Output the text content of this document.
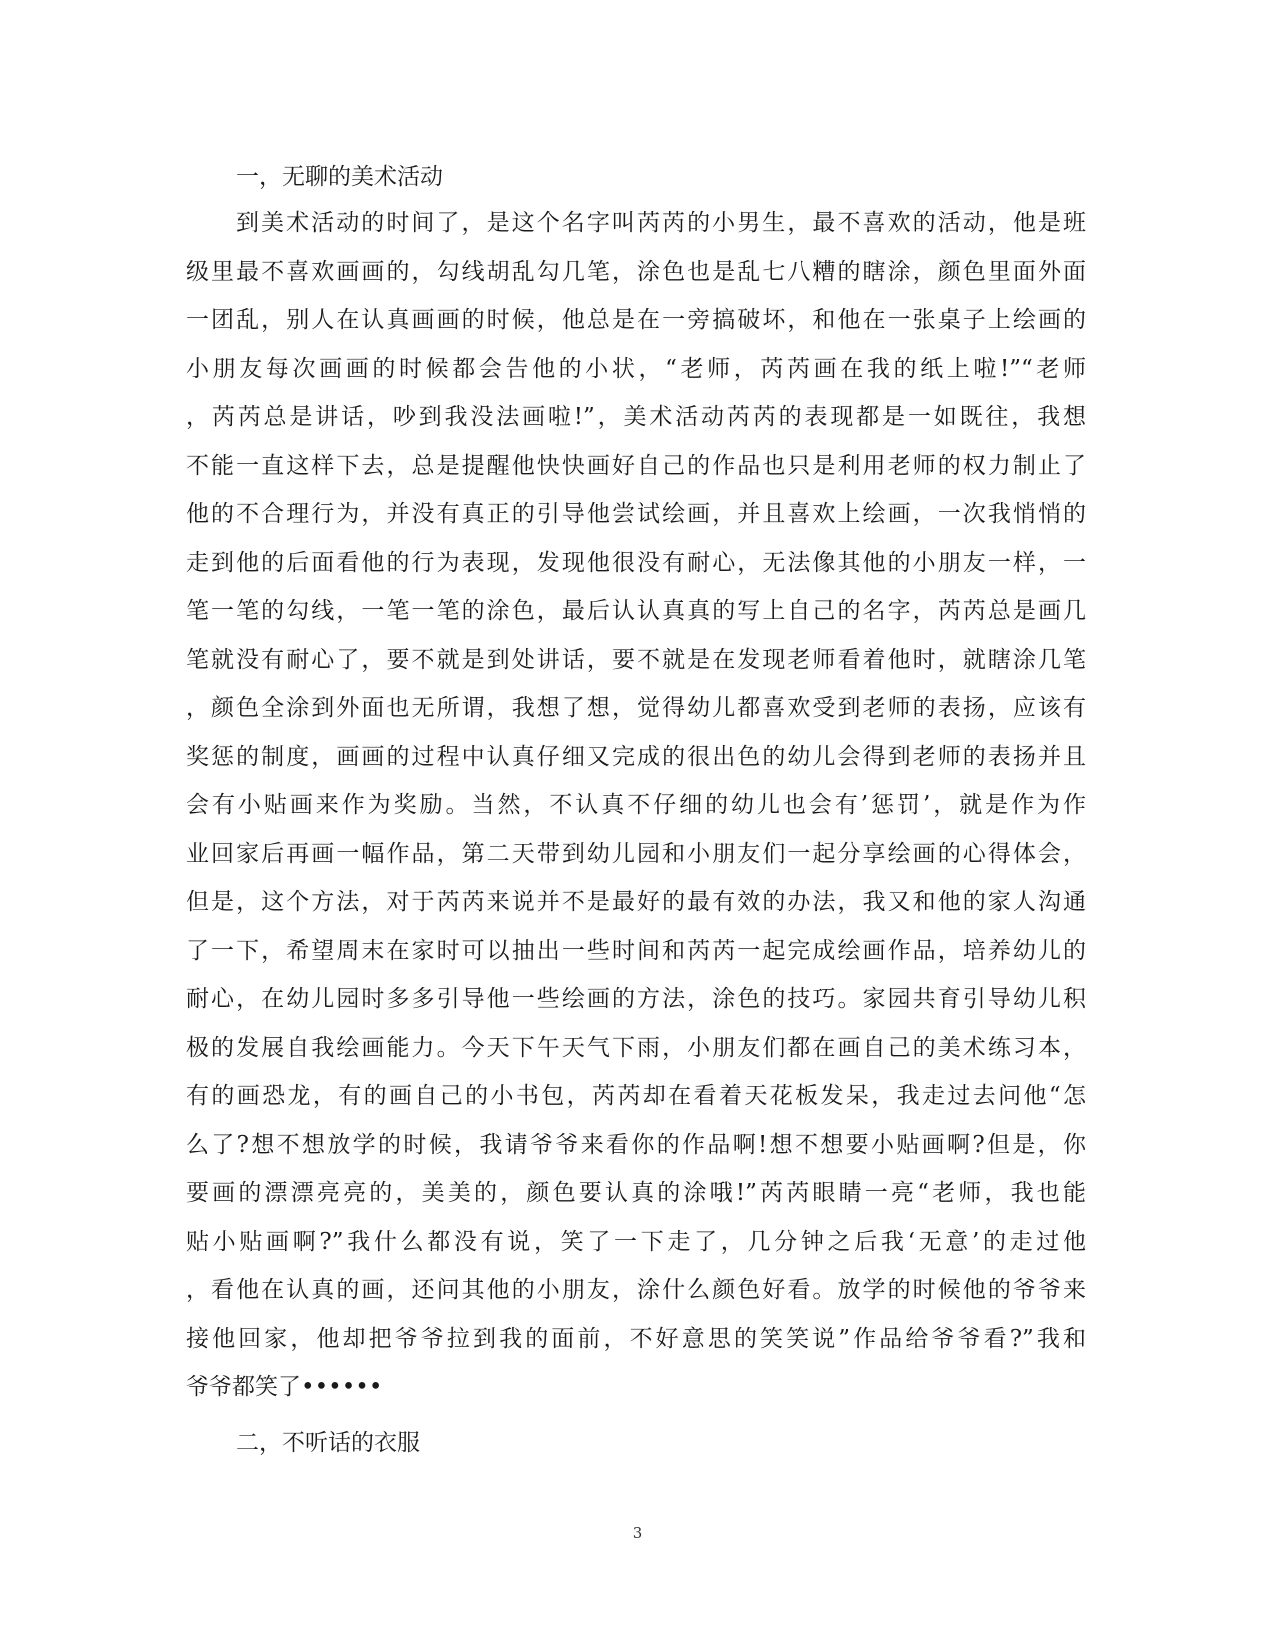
一，无聊的美术活动
到美术活动的时间了，是这个名字叫芮芮的小男生，最不喜欢的活动，他是班
级里最不喜欢画画的，勾线胡乱勾几笔，涂色也是乱七八糟的瞎涂，颜色里面外面
一团乱，别人在认真画画的时候，他总是在一旁搞破坏，和他在一张桌子上绘画的
小朋友每次画画的时候都会告他的小状，“老师，芮芮画在我的纸上啦!”“老师
，芮芮总是讲话，吵到我没法画啦!”，美术活动芮芮的表现都是一如既往，我想
不能一直这样下去，总是提醒他快快画好自己的作品也只是利用老师的权力制止了
他的不合理行为，并没有真正的引导他尝试绘画，并且喜欢上绘画，一次我悄悄的
走到他的后面看他的行为表现，发现他很没有耐心，无法像其他的小朋友一样，一
笔一笔的勾线，一笔一笔的涂色，最后认认真真的写上自己的名字，芮芮总是画几
笔就没有耐心了，要不就是到处讲话，要不就是在发现老师看着他时，就瞎涂几笔
，颜色全涂到外面也无所谓，我想了想，觉得幼儿都喜欢受到老师的表扬，应该有
奖惩的制度，画画的过程中认真仔细又完成的很出色的幼儿会得到老师的表扬并且
会有小贴画来作为奖励。当然，不认真不仔细的幼儿也会有’惩罚’，就是作为作
业回家后再画一幅作品，第二天带到幼儿园和小朋友们一起分享绘画的心得体会，
但是，这个方法，对于芮芮来说并不是最好的最有效的办法，我又和他的家人沟通
了一下，希望周末在家时可以抽出一些时间和芮芮一起完成绘画作品，培养幼儿的
耐心，在幼儿园时多多引导他一些绘画的方法，涂色的技巧。家园共育引导幼儿积
极的发展自我绘画能力。今天下午天气下雨，小朋友们都在画自己的美术练习本，
有的画恐龙，有的画自己的小书包，芮芮却在看着天花板发呆，我走过去问他“怎
么了?想不想放学的时候，我请爷爷来看你的作品啊!想不想要小贴画啊?但是，你
要画的漂漂亮亮的，美美的，颜色要认真的涂哦!”芮芮眼睛一亮“老师，我也能
贴小贴画啊?”我什么都没有说，笑了一下走了，几分钟之后我‘无意’的走过他
，看他在认真的画，还问其他的小朋友，涂什么颜色好看。放学的时候他的爷爷来
接他回家，他却把爷爷拉到我的面前，不好意思的笑笑说”作品给爷爷看?”我和
爷爷都笑了••••••
二，不听话的衣服
3
